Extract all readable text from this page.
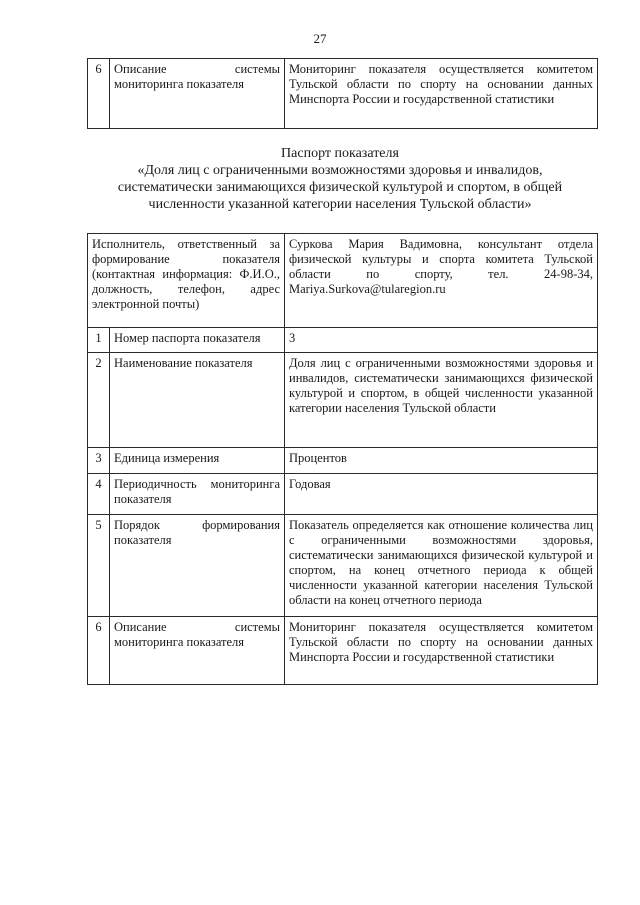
27
6	Описание системы мониторинга показателя	Мониторинг показателя осуществляется комитетом Тульской области по спорту на основании данных Минспорта России и государственной статистики
Паспорт показателя
«Доля лиц с ограниченными возможностями здоровья и инвалидов,
систематически занимающихся физической культурой и спортом, в общей
численности указанной категории населения Тульской области»
Исполнитель, ответственный за формирование показателя (контактная информация: Ф.И.О., должность, телефон, адрес электронной почты)		Суркова Мария Вадимовна, консультант отдела физической культуры и спорта комитета Тульской области по спорту, тел. 24-98-34, Mariya.Surkova@tularegion.ru
1	Номер паспорта показателя	3
2	Наименование показателя	Доля лиц с ограниченными возможностями здоровья и инвалидов, систематически занимающихся физической культурой и спортом, в общей численности указанной категории населения Тульской области
3	Единица измерения	Процентов
4	Периодичность мониторинга показателя	Годовая
5	Порядок формирования показателя	Показатель определяется как отношение количества лиц с ограниченными возможностями здоровья, систематически занимающихся физической культурой и спортом, на конец отчетного периода к общей численности указанной категории населения Тульской области на конец отчетного периода
6	Описание системы мониторинга показателя	Мониторинг показателя осуществляется комитетом Тульской области по спорту на основании данных Минспорта России и государственной статистики
